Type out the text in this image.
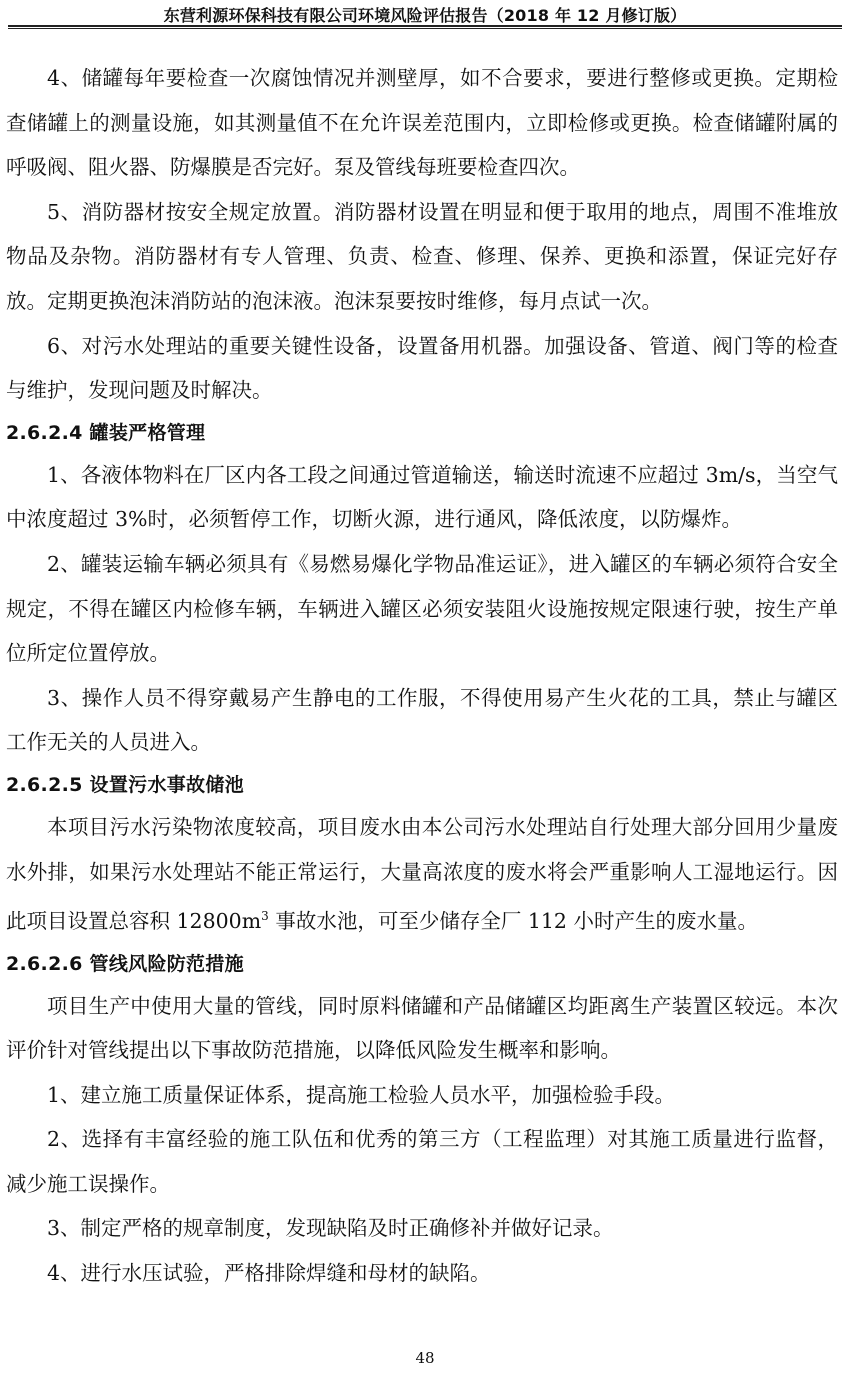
东营利源环保科技有限公司环境风险评估报告（2018 年 12 月修订版）

4、储罐每年要检查一次腐蚀情况并测壁厚，如不合要求，要进行整修或更换。定期检查储罐上的测量设施，如其测量值不在允许误差范围内，立即检修或更换。检查储罐附属的呼吸阀、阻火器、防爆膜是否完好。泵及管线每班要检查四次。

5、消防器材按安全规定放置。消防器材设置在明显和便于取用的地点，周围不准堆放物品及杂物。消防器材有专人管理、负责、检查、修理、保养、更换和添置，保证完好存放。定期更换泡沫消防站的泡沫液。泡沫泵要按时维修，每月点试一次。

6、对污水处理站的重要关键性设备，设置备用机器。加强设备、管道、阀门等的检查与维护，发现问题及时解决。

2.6.2.4 罐装严格管理

1、各液体物料在厂区内各工段之间通过管道输送，输送时流速不应超过 3m/s，当空气中浓度超过 3%时，必须暂停工作，切断火源，进行通风，降低浓度，以防爆炸。

2、罐装运输车辆必须具有《易燃易爆化学物品准运证》，进入罐区的车辆必须符合安全规定，不得在罐区内检修车辆，车辆进入罐区必须安装阻火设施按规定限速行驶，按生产单位所定位置停放。

3、操作人员不得穿戴易产生静电的工作服，不得使用易产生火花的工具，禁止与罐区工作无关的人员进入。

2.6.2.5 设置污水事故储池

本项目污水污染物浓度较高，项目废水由本公司污水处理站自行处理大部分回用少量废水外排，如果污水处理站不能正常运行，大量高浓度的废水将会严重影响人工湿地运行。因此项目设置总容积 $12800m^3$ 事故水池，可至少储存全厂 112 小时产生的废水量。

2.6.2.6 管线风险防范措施

项目生产中使用大量的管线，同时原料储罐和产品储罐区均距离生产装置区较远。本次评价针对管线提出以下事故防范措施，以降低风险发生概率和影响。

1、建立施工质量保证体系，提高施工检验人员水平，加强检验手段。

2、选择有丰富经验的施工队伍和优秀的第三方（工程监理）对其施工质量进行监督，减少施工误操作。

3、制定严格的规章制度，发现缺陷及时正确修补并做好记录。

4、进行水压试验，严格排除焊缝和母材的缺陷。

48
